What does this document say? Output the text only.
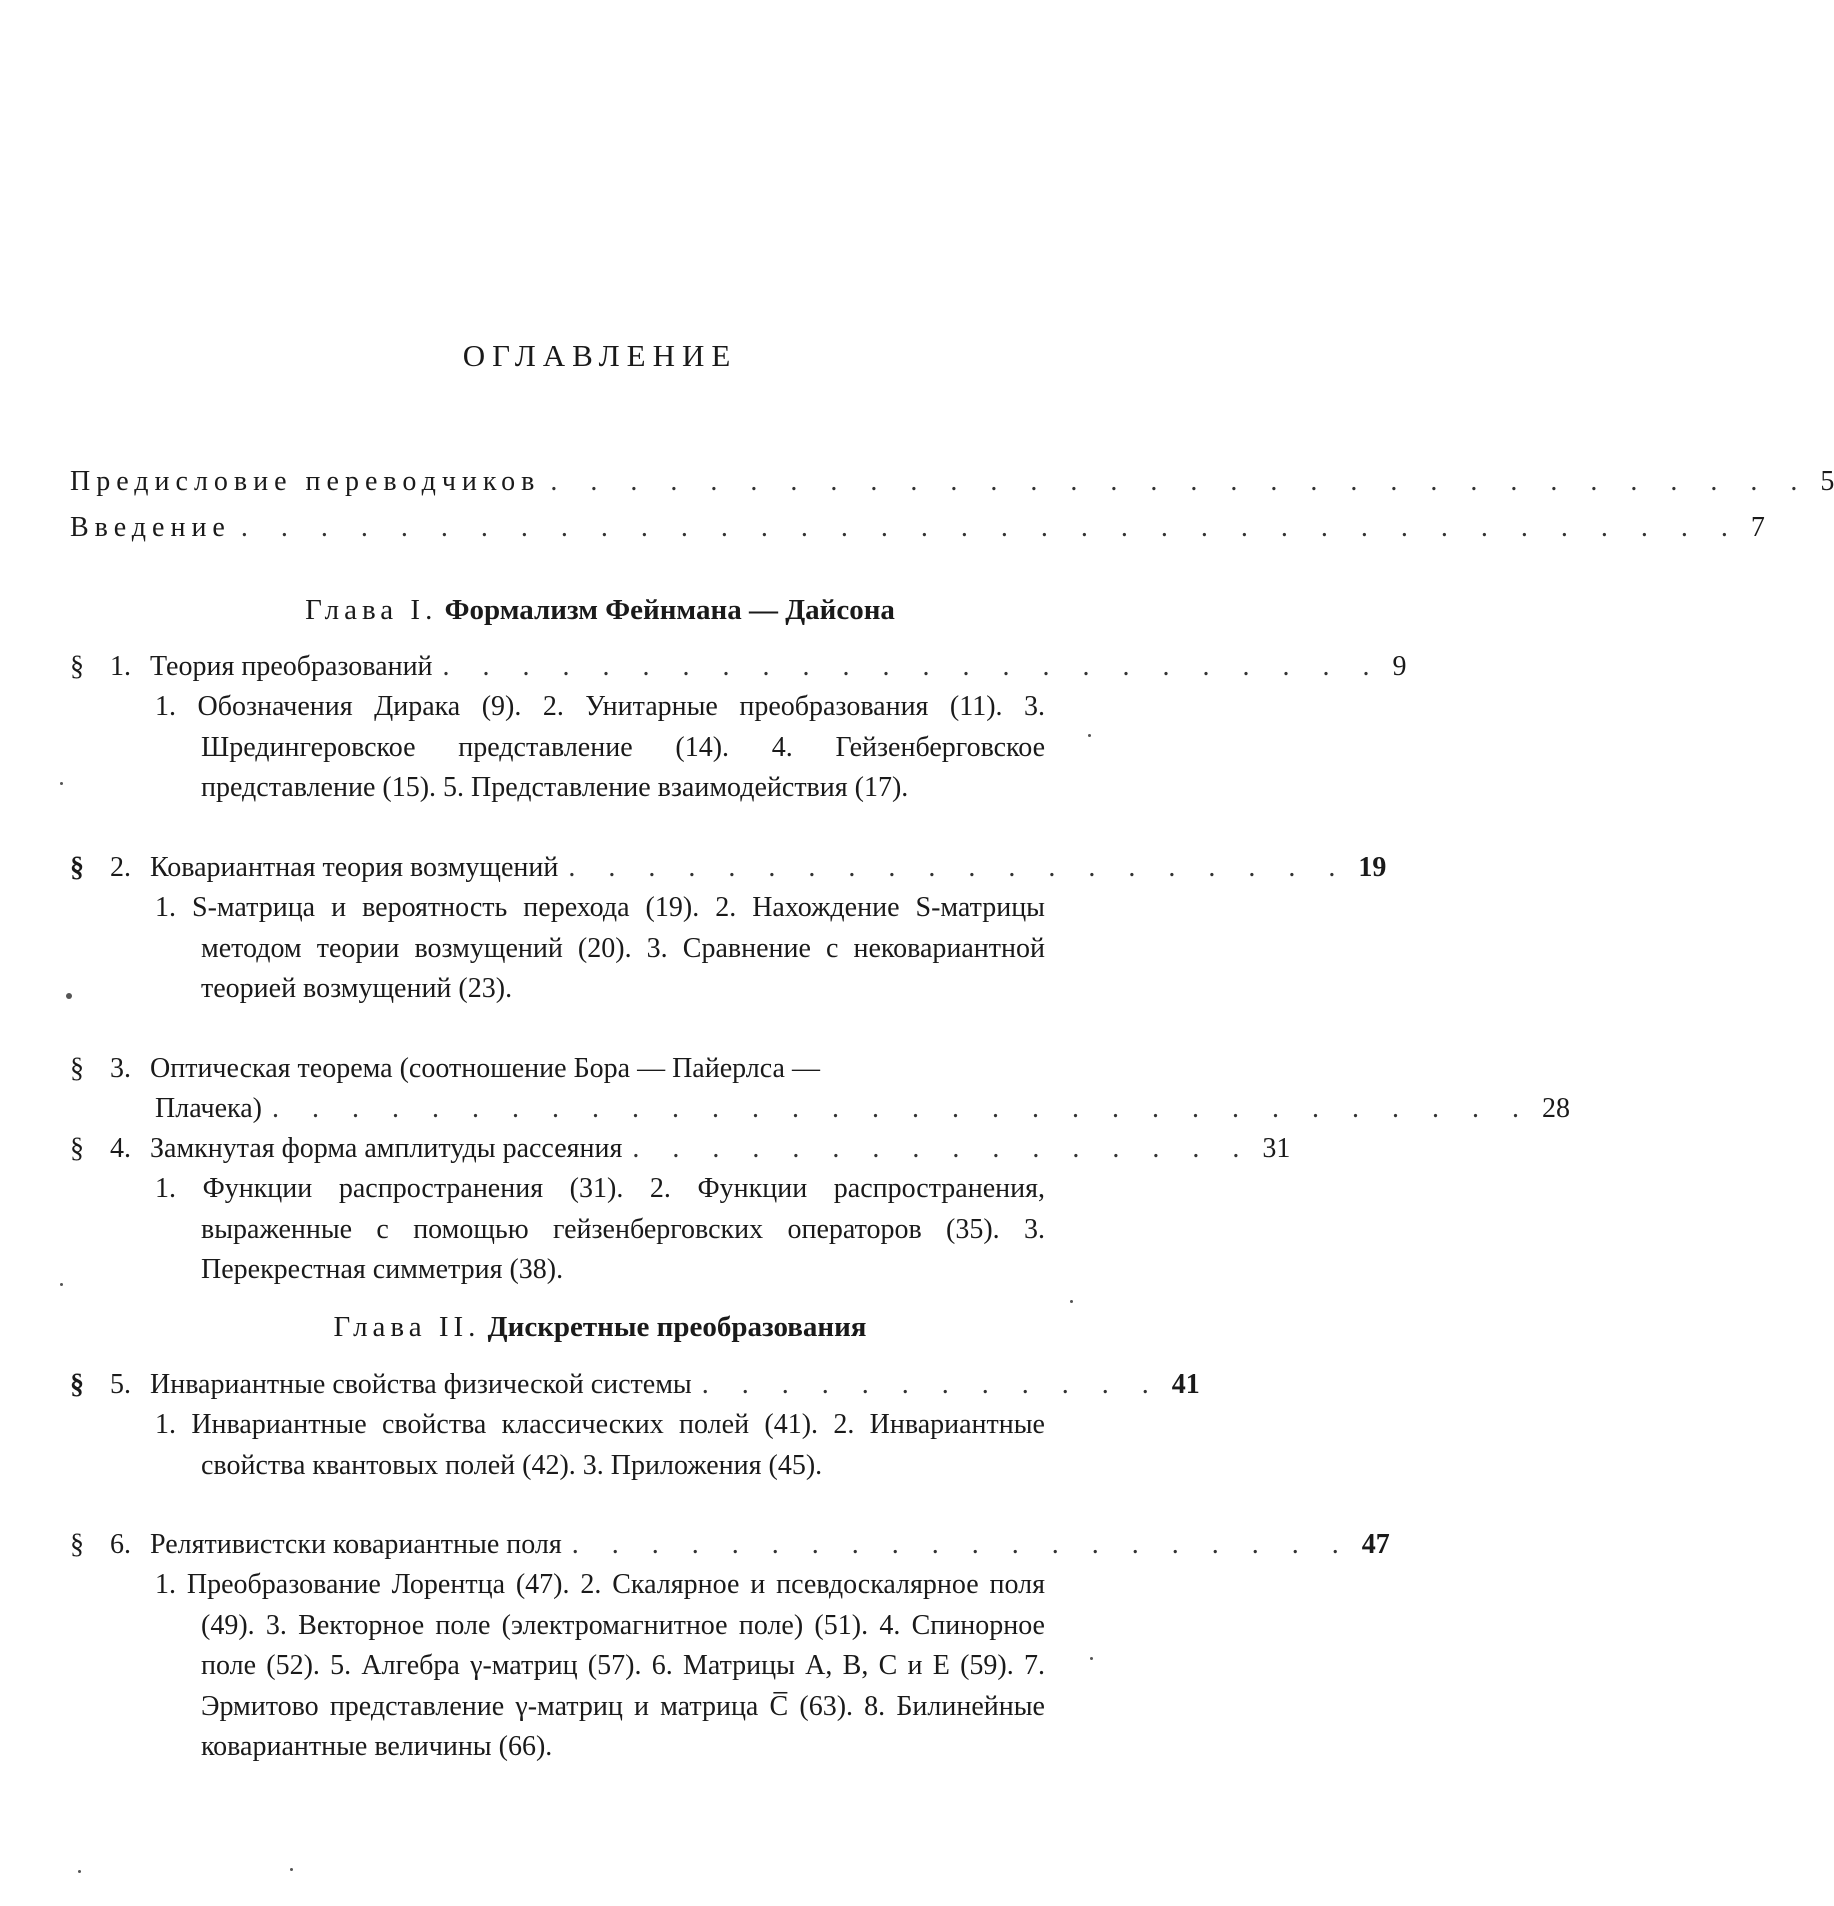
ОГЛАВЛЕНИЕ
Предисловие переводчиков . . . . . . . . . . . . . . . . . . . . . . . . . . . . . . . . 5
Введение . . . . . . . . . . . . . . . . . . . . . . . . . . . . . . . . . . . . . . 7
Глава I. Формализм Фейнмана — Дайсона
§ 1. Теория преобразований . . . . . . . . . . . . . . . . . . . . . . . . 9
1. Обозначения Дирака (9). 2. Унитарные преобразования (11). 3. Шредингеровское представление (14). 4. Гейзенберговское представление (15). 5. Представление взаимодействия (17).
§ 2. Ковариантная теория возмущений . . . . . . . . . . . . . . . . . . . . 19
1. S-матрица и вероятность перехода (19). 2. Нахождение S-матрицы методом теории возмущений (20). 3. Сравнение с нековариантной теорией возмущений (23).
§ 3. Оптическая теорема (соотношение Бора — Пайерлса —
Плачека) . . . . . . . . . . . . . . . . . . . . . . . . . . . . . . . . 28
§ 4. Замкнутая форма амплитуды рассеяния . . . . . . . . . . . . . . . . 31
1. Функции распространения (31). 2. Функции распространения, выраженные с помощью гейзенберговских операторов (35). 3. Перекрестная симметрия (38).
Глава II. Дискретные преобразования
§ 5. Инвариантные свойства физической системы . . . . . . . . . . . . 41
1. Инвариантные свойства классических полей (41). 2. Инвариантные свойства квантовых полей (42). 3. Приложения (45).
§ 6. Релятивистски ковариантные поля . . . . . . . . . . . . . . . . . . . . 47
1. Преобразование Лорентца (47). 2. Скалярное и псевдоскалярное поля (49). 3. Векторное поле (электромагнитное поле) (51). 4. Спинорное поле (52). 5. Алгебра γ-матриц (57). 6. Матрицы A, B, C и E (59). 7. Эрмитово представление γ-матриц и матрица C̅ (63). 8. Билинейные ковариантные величины (66).
